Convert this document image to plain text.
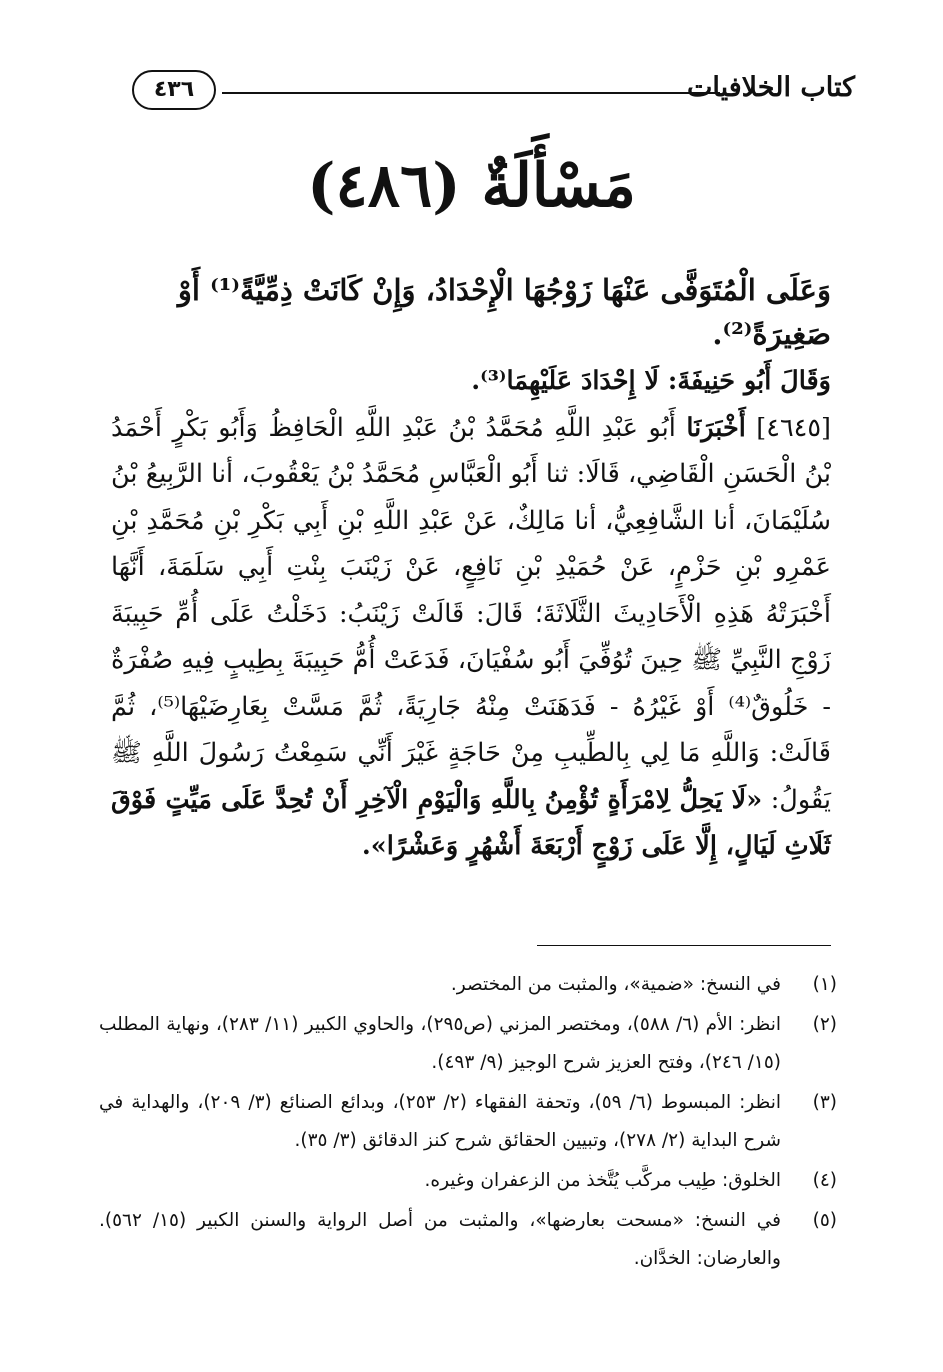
كتاب الخلافيات
٤٣٦
مَسْأَلَةٌ (٤٨٦)
وَعَلَى الْمُتَوَفَّى عَنْهَا زَوْجُهَا الْإِحْدَادُ، وَإِنْ كَانَتْ ذِمِّيَّةً⁽¹⁾ أَوْ صَغِيرَةً⁽²⁾.

وَقَالَ أَبُو حَنِيفَةَ: لَا إِحْدَادَ عَلَيْهِمَا⁽³⁾.

[٤٦٤٥] أَخْبَرَنَا أَبُو عَبْدِ اللَّهِ مُحَمَّدُ بْنُ عَبْدِ اللَّهِ الْحَافِظُ وَأَبُو بَكْرٍ أَحْمَدُ بْنُ الْحَسَنِ الْقَاضِي، قَالَا: ثنا أَبُو الْعَبَّاسِ مُحَمَّدُ بْنُ يَعْقُوبَ، أنا الرَّبِيعُ بْنُ سُلَيْمَانَ، أنا الشَّافِعِيُّ، أنا مَالِكٌ، عَنْ عَبْدِ اللَّهِ بْنِ أَبِي بَكْرِ بْنِ مُحَمَّدِ بْنِ عَمْرِو بْنِ حَزْمٍ، عَنْ حُمَيْدِ بْنِ نَافِعٍ، عَنْ زَيْنَبَ بِنْتِ أَبِي سَلَمَةَ، أَنَّهَا أَخْبَرَتْهُ هَذِهِ الْأَحَادِيثَ الثَّلَاثَةَ؛ قَالَ: قَالَتْ زَيْنَبُ: دَخَلْتُ عَلَى أُمِّ حَبِيبَةَ زَوْجِ النَّبِيِّ ﷺ حِينَ تُوُفِّيَ أَبُو سُفْيَانَ، فَدَعَتْ أُمُّ حَبِيبَةَ بِطِيبٍ فِيهِ صُفْرَةٌ - خَلُوقٌ⁽⁴⁾ أَوْ غَيْرُهُ - فَدَهَنَتْ مِنْهُ جَارِيَةً، ثُمَّ مَسَّتْ بِعَارِضَيْهَا⁽⁵⁾، ثُمَّ قَالَتْ: وَاللَّهِ مَا لِي بِالطِّيبِ مِنْ حَاجَةٍ غَيْرَ أَنِّي سَمِعْتُ رَسُولَ اللَّهِ ﷺ يَقُولُ: «لَا يَحِلُّ لِامْرَأَةٍ تُؤْمِنُ بِاللَّهِ وَالْيَوْمِ الْآخِرِ أَنْ تُحِدَّ عَلَى مَيِّتٍ فَوْقَ ثَلَاثِ لَيَالٍ، إِلَّا عَلَى زَوْجٍ أَرْبَعَةَ أَشْهُرٍ وَعَشْرًا».

(١)
في النسخ: «ضمية»، والمثبت من المختصر.
(٢)
انظر: الأم (٦/ ٥٨٨)، ومختصر المزني (ص٢٩٥)، والحاوي الكبير (١١/ ٢٨٣)، ونهاية المطلب (١٥/ ٢٤٦)، وفتح العزيز شرح الوجيز (٩/ ٤٩٣).
(٣)
انظر: المبسوط (٦/ ٥٩)، وتحفة الفقهاء (٢/ ٢٥٣)، وبدائع الصنائع (٣/ ٢٠٩)، والهداية في شرح البداية (٢/ ٢٧٨)، وتبيين الحقائق شرح كنز الدقائق (٣/ ٣٥).
(٤)
الخلوق: طِيب مركَّب يُتَّخذ من الزعفران وغيره.
(٥)
في النسخ: «مسحت بعارضها»، والمثبت من أصل الرواية والسنن الكبير (١٥/ ٥٦٢). والعارضان: الخدَّان.
